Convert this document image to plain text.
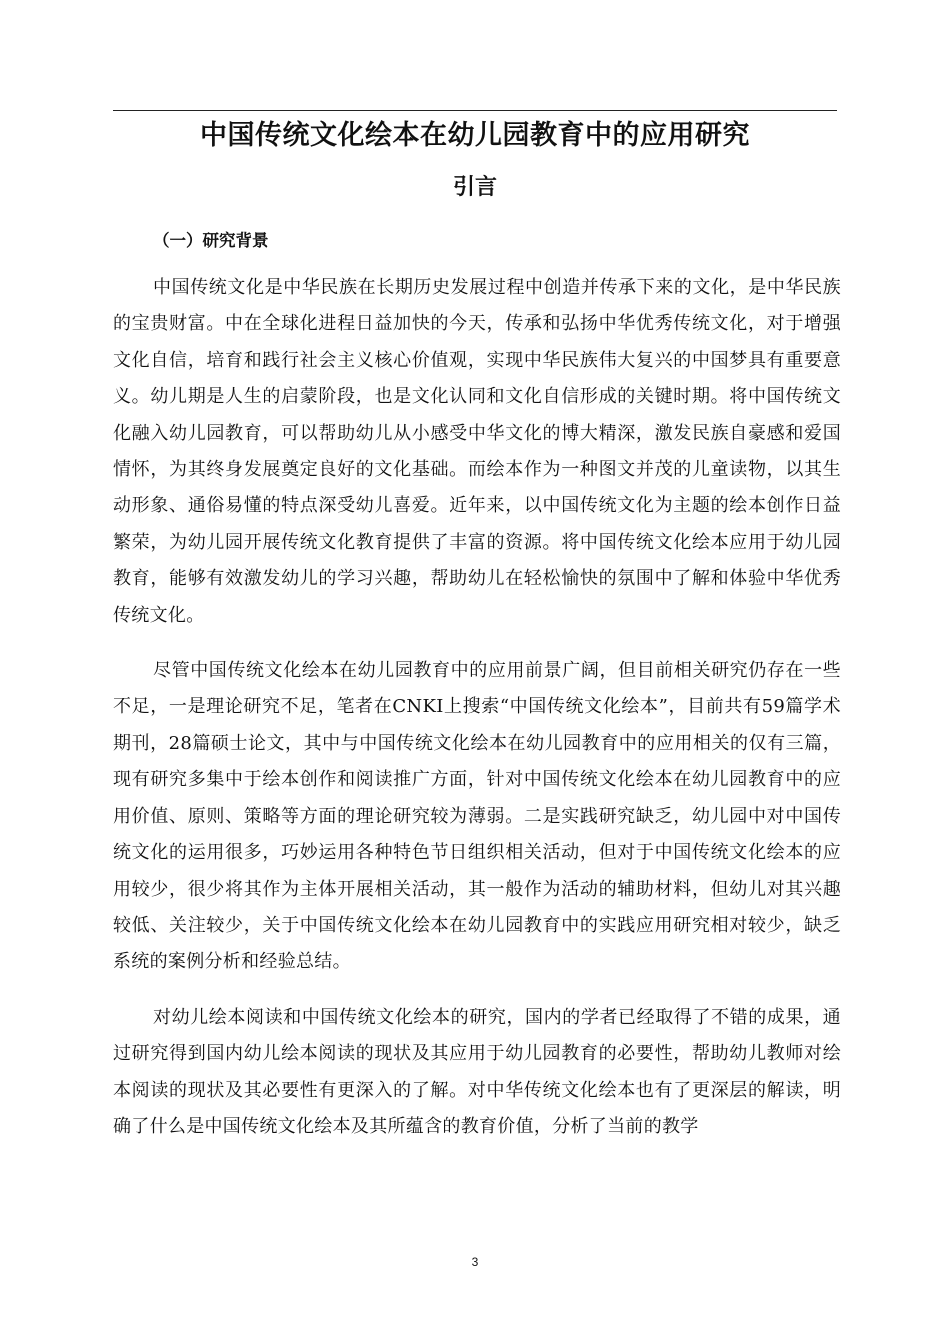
中国传统文化绘本在幼儿园教育中的应用研究
引言
（一）研究背景

中国传统文化是中华民族在长期历史发展过程中创造并传承下来的文化，是中华民族的宝贵财富。中在全球化进程日益加快的今天，传承和弘扬中华优秀传统文化，对于增强文化自信，培育和践行社会主义核心价值观，实现中华民族伟大复兴的中国梦具有重要意义。幼儿期是人生的启蒙阶段，也是文化认同和文化自信形成的关键时期。将中国传统文化融入幼儿园教育，可以帮助幼儿从小感受中华文化的博大精深，激发民族自豪感和爱国情怀，为其终身发展奠定良好的文化基础。而绘本作为一种图文并茂的儿童读物，以其生动形象、通俗易懂的特点深受幼儿喜爱。近年来，以中国传统文化为主题的绘本创作日益繁荣，为幼儿园开展传统文化教育提供了丰富的资源。将中国传统文化绘本应用于幼儿园教育，能够有效激发幼儿的学习兴趣，帮助幼儿在轻松愉快的氛围中了解和体验中华优秀传统文化。

尽管中国传统文化绘本在幼儿园教育中的应用前景广阔，但目前相关研究仍存在一些不足，一是理论研究不足，笔者在CNKI上搜索“中国传统文化绘本”，目前共有59篇学术期刊，28篇硕士论文，其中与中国传统文化绘本在幼儿园教育中的应用相关的仅有三篇，现有研究多集中于绘本创作和阅读推广方面，针对中国传统文化绘本在幼儿园教育中的应用价值、原则、策略等方面的理论研究较为薄弱。二是实践研究缺乏，幼儿园中对中国传统文化的运用很多，巧妙运用各种特色节日组织相关活动，但对于中国传统文化绘本的应用较少，很少将其作为主体开展相关活动，其一般作为活动的辅助材料，但幼儿对其兴趣较低、关注较少，关于中国传统文化绘本在幼儿园教育中的实践应用研究相对较少，缺乏系统的案例分析和经验总结。

对幼儿绘本阅读和中国传统文化绘本的研究，国内的学者已经取得了不错的成果，通过研究得到国内幼儿绘本阅读的现状及其应用于幼儿园教育的必要性，帮助幼儿教师对绘本阅读的现状及其必要性有更深入的了解。对中华传统文化绘本也有了更深层的解读，明确了什么是中国传统文化绘本及其所蕴含的教育价值，分析了当前的教学

3
